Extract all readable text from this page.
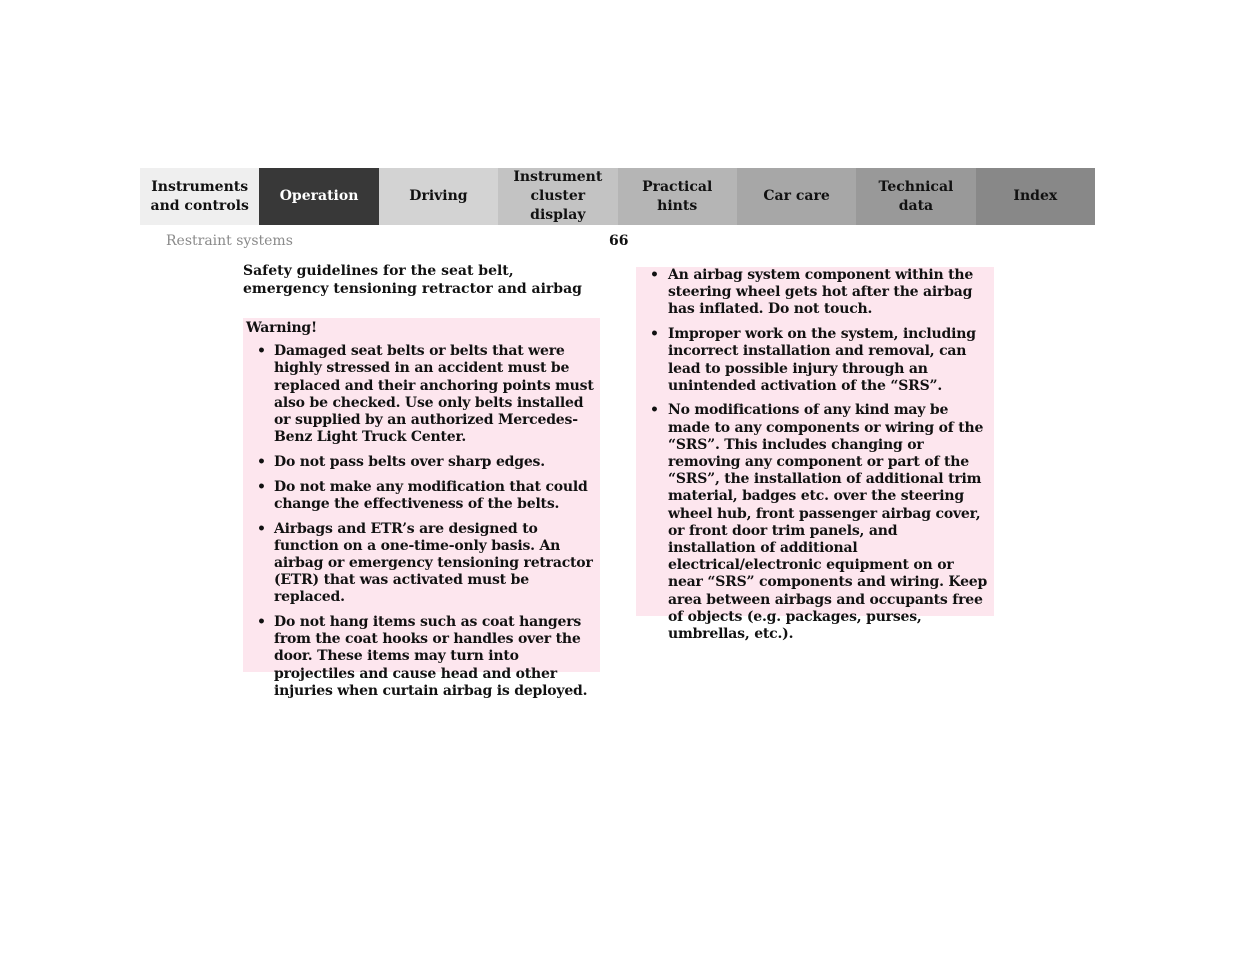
Instruments
and controls
Operation	Driving
Instrument
cluster display
Practical hints
Car care
Technical
data
Index
Restraint systems	66
Safety guidelines for the seat belt,
emergency tensioning retractor and airbag
Warning!
• Damaged seat belts or belts that were highly stressed in an accident must be replaced and their anchoring points must also be checked. Use only belts installed or supplied by an authorized Mercedes-Benz Light Truck Center.
• Do not pass belts over sharp edges.
• Do not make any modification that could change the effectiveness of the belts.
• Airbags and ETR’s are designed to function on a one-time-only basis. An airbag or emergency tensioning retractor (ETR) that was activated must be replaced.
• Do not hang items such as coat hangers from the coat hooks or handles over the door. These items may turn into projectiles and cause head and other injuries when curtain airbag is deployed.
• An airbag system component within the steering wheel gets hot after the airbag has inflated. Do not touch.
• Improper work on the system, including incorrect installation and removal, can lead to possible injury through an unintended activation of the “SRS”.
• No modifications of any kind may be made to any components or wiring of the “SRS”. This includes changing or removing any component or part of the “SRS”, the installation of additional trim material, badges etc. over the steering wheel hub, front passenger airbag cover, or front door trim panels, and installation of additional electrical/electronic equipment on or near “SRS” components and wiring. Keep area between airbags and occupants free of objects (e.g. packages, purses, umbrellas, etc.).
